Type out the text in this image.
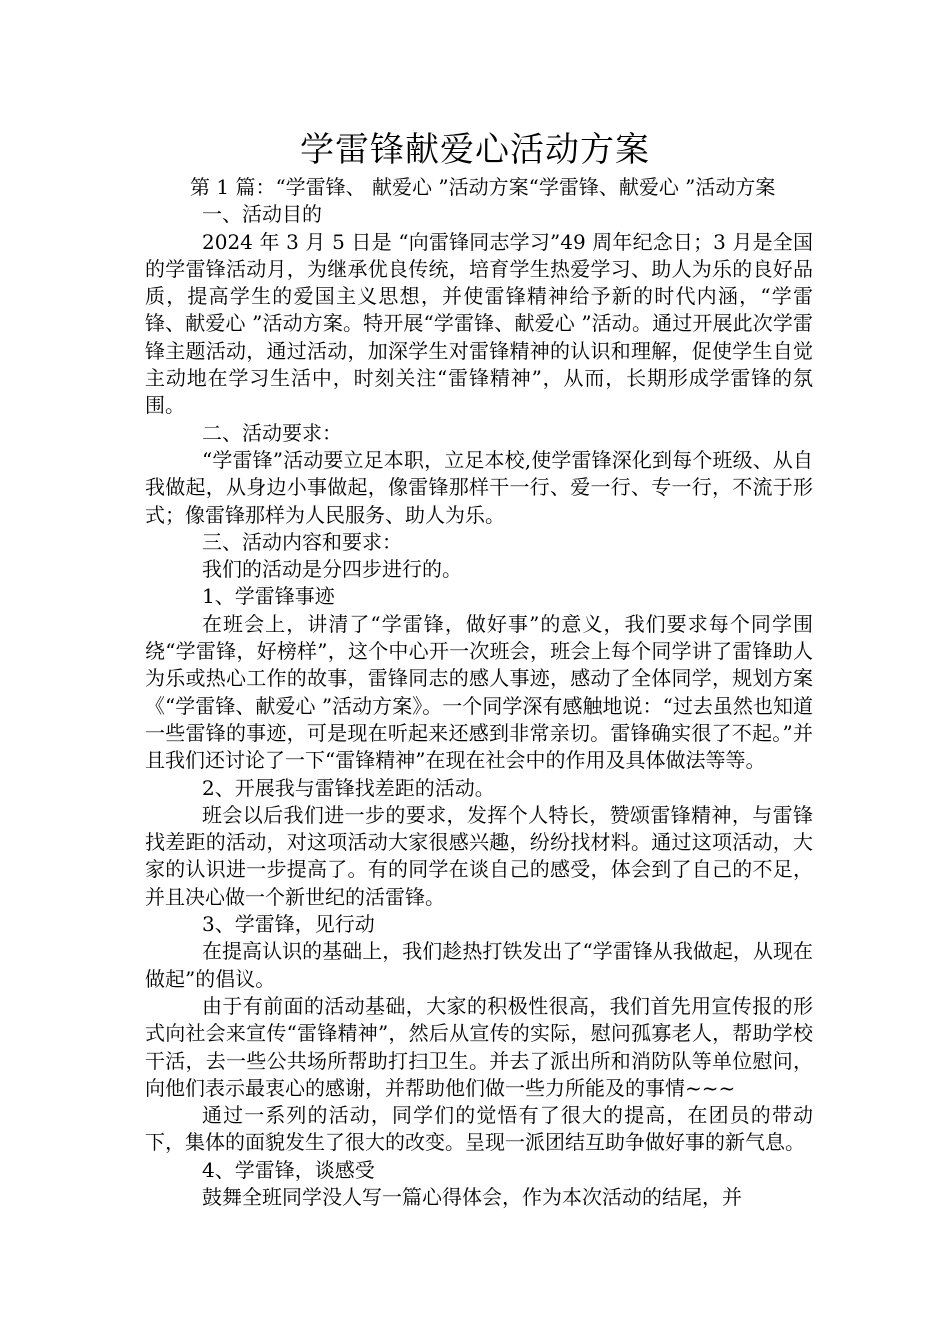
学雷锋献爱心活动方案

第 1 篇：“学雷锋、 献爱心 ”活动方案“学雷锋、献爱心 ”活动方案

一、活动目的

2024 年 3 月 5 日是 “向雷锋同志学习”49 周年纪念日；3 月是全国的学雷锋活动月，为继承优良传统，培育学生热爱学习、助人为乐的良好品质，提高学生的爱国主义思想，并使雷锋精神给予新的时代内涵，“学雷锋、献爱心 ”活动方案。特开展“学雷锋、献爱心 ”活动。通过开展此次学雷锋主题活动，通过活动，加深学生对雷锋精神的认识和理解，促使学生自觉主动地在学习生活中，时刻关注“雷锋精神”，从而，长期形成学雷锋的氛围。

二、活动要求：

“学雷锋”活动要立足本职，立足本校,使学雷锋深化到每个班级、从自我做起，从身边小事做起，像雷锋那样干一行、爱一行、专一行，不流于形式；像雷锋那样为人民服务、助人为乐。

三、活动内容和要求：

我们的活动是分四步进行的。

1、学雷锋事迹

在班会上，讲清了“学雷锋，做好事”的意义，我们要求每个同学围绕“学雷锋，好榜样”，这个中心开一次班会，班会上每个同学讲了雷锋助人为乐或热心工作的故事，雷锋同志的感人事迹，感动了全体同学，规划方案《“学雷锋、献爱心 ”活动方案》。一个同学深有感触地说：“过去虽然也知道一些雷锋的事迹，可是现在听起来还感到非常亲切。雷锋确实很了不起。”并且我们还讨论了一下“雷锋精神”在现在社会中的作用及具体做法等等。

2、开展我与雷锋找差距的活动。

班会以后我们进一步的要求，发挥个人特长，赞颂雷锋精神，与雷锋找差距的活动，对这项活动大家很感兴趣，纷纷找材料。通过这项活动，大家的认识进一步提高了。有的同学在谈自己的感受，体会到了自己的不足，并且决心做一个新世纪的活雷锋。

3、学雷锋，见行动

在提高认识的基础上，我们趁热打铁发出了“学雷锋从我做起，从现在做起”的倡议。

由于有前面的活动基础，大家的积极性很高，我们首先用宣传报的形式向社会来宣传“雷锋精神”，然后从宣传的实际，慰问孤寡老人，帮助学校干活，去一些公共场所帮助打扫卫生。并去了派出所和消防队等单位慰问，向他们表示最衷心的感谢，并帮助他们做一些力所能及的事情~~~

通过一系列的活动，同学们的觉悟有了很大的提高，在团员的带动下，集体的面貌发生了很大的改变。呈现一派团结互助争做好事的新气息。

4、学雷锋，谈感受

鼓舞全班同学没人写一篇心得体会，作为本次活动的结尾，并
